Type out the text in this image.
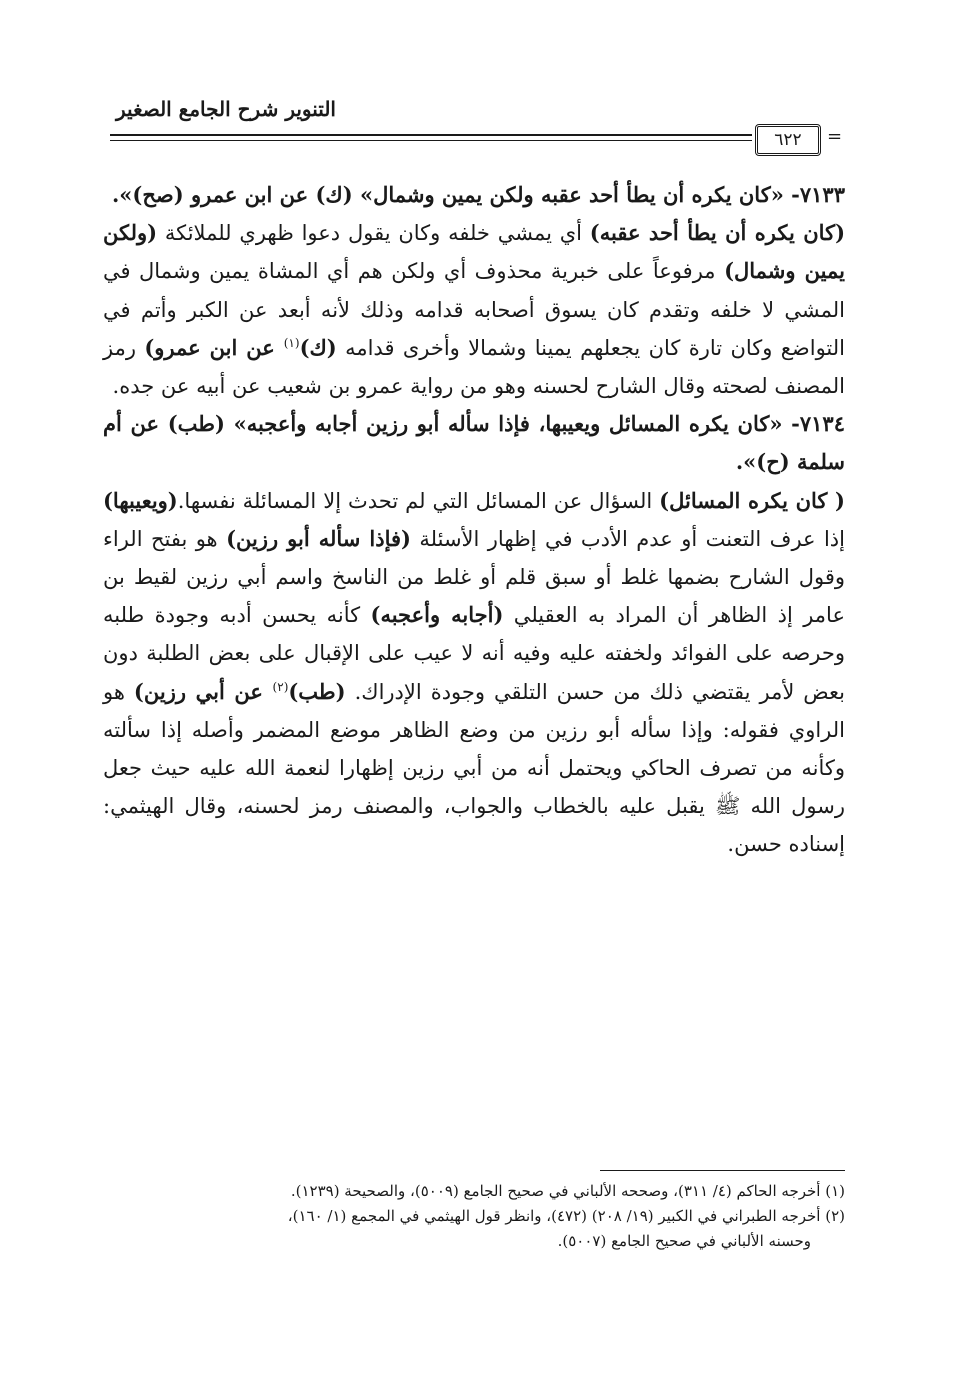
التنوير شرح الجامع الصغير
٦٢٢	=

٧١٣٣- «كان يكره أن يطأ أحد عقبه ولكن يمين وشمال» (ك) عن ابن عمرو (صح)».

(كان يكره أن يطأ أحد عقبه) أي يمشي خلفه وكان يقول دعوا ظهري للملائكة (ولكن يمين وشمال) مرفوعاً على خبرية محذوف أي ولكن هم أي المشاة يمين وشمال في المشي لا خلفه وتقدم كان يسوق أصحابه قدامه وذلك لأنه أبعد عن الكبر وأتم في التواضع وكان تارة كان يجعلهم يمينا وشمالا وأخرى قدامه (ك)$^{(١)}$ عن ابن عمرو) رمز المصنف لصحته وقال الشارح لحسنه وهو من رواية عمرو بن شعيب عن أبيه عن جده.

٧١٣٤- «كان يكره المسائل ويعيبها، فإذا سأله أبو رزين أجابه وأعجبه» (طب) عن أم سلمة (ح)».

( كان يكره المسائل) السؤال عن المسائل التي لم تحدث إلا المسائلة نفسها.(ويعيبها) إذا عرف التعنت أو عدم الأدب في إظهار الأسئلة (فإذا سأله أبو رزين) هو بفتح الراء وقول الشارح بضمها غلط أو سبق قلم أو غلط من الناسخ واسم أبي رزين لقيط بن عامر إذ الظاهر أن المراد به العقيلي (أجابه وأعجبه) كأنه يحسن أدبه وجودة طلبه وحرصه على الفوائد ولخفته عليه وفيه أنه لا عيب على الإقبال على بعض الطلبة دون بعض لأمر يقتضي ذلك من حسن التلقي وجودة الإدراك. (طب)$^{(٢)}$ عن أبي رزين) هو الراوي فقوله: وإذا سأله أبو رزين من وضع الظاهر موضع المضمر وأصله إذا سألته وكأنه من تصرف الحاكي ويحتمل أنه من أبي رزين إظهارا لنعمة الله عليه حيث جعل رسول الله ﷺ يقبل عليه بالخطاب والجواب، والمصنف رمز لحسنه، وقال الهيثمي: إسناده حسن.

(١) أخرجه الحاكم (٤/ ٣١١)، وصححه الألباني في صحيح الجامع (٥٠٠٩)، والصحيحة (١٢٣٩).

(٢) أخرجه الطبراني في الكبير (١٩/ ٢٠٨) (٤٧٢)، وانظر قول الهيثمي في المجمع (١/ ١٦٠)،

وحسنه الألباني في صحيح الجامع (٥٠٠٧).
